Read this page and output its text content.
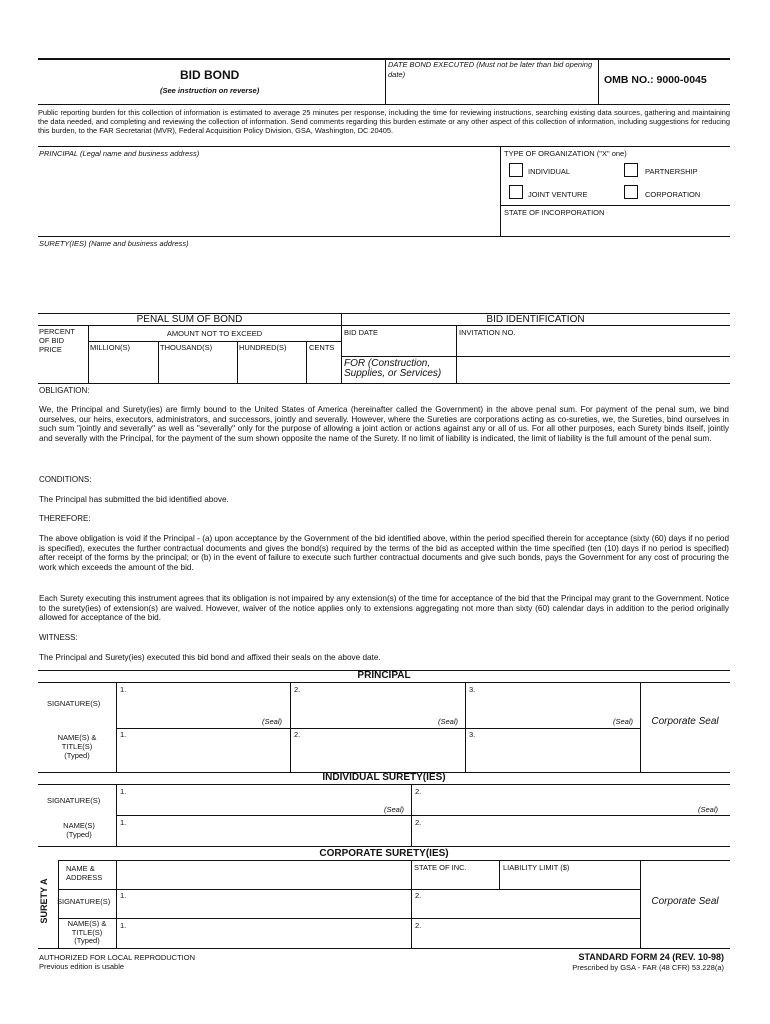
BID BOND
(See instruction on reverse)
DATE BOND EXECUTED (Must not be later than bid opening date)	OMB NO.: 9000-0045
Public reporting burden for this collection of information is estimated to average 25 minutes per response, including the time for reviewing instructions, searching existing data sources, gathering and maintaining the data needed, and completing and reviewing the collection of information. Send comments regarding this burden estimate or any other aspect of this collection of information, including suggestions for reducing this burden, to the FAR Secretariat (MVR), Federal Acquisition Policy Division, GSA, Washington, DC 20405.
PRINCIPAL (Legal name and business address)	TYPE OF ORGANIZATION ("X" one)
INDIVIDUAL	PARTNERSHIP
JOINT VENTURE	CORPORATION
STATE OF INCORPORATION
SURETY(IES) (Name and business address)
PENAL SUM OF BOND	BID IDENTIFICATION
PERCENT OF BID PRICE
AMOUNT NOT TO EXCEED
MILLION(S)	THOUSAND(S)	HUNDRED(S)	CENTS
BID DATE	INVITATION NO.
FOR (Construction, Supplies, or Services)
OBLIGATION:
We, the Principal and Surety(ies) are firmly bound to the United States of America (hereinafter called the Government) in the above penal sum. For payment of the penal sum, we bind ourselves, our heirs, executors, administrators, and successors, jointly and severally. However, where the Sureties are corporations acting as co-sureties, we, the Sureties, bind ourselves in such sum "jointly and severally" as well as "severally" only for the purpose of allowing a joint action or actions against any or all of us. For all other purposes, each Surety binds itself, jointly and severally with the Principal, for the payment of the sum shown opposite the name of the Surety. If no limit of liability is indicated, the limit of liability is the full amount of the penal sum.
CONDITIONS:
The Principal has submitted the bid identified above.
THEREFORE:
The above obligation is void if the Principal - (a) upon acceptance by the Government of the bid identified above, within the period specified therein for acceptance (sixty (60) days if no period is specified), executes the further contractual documents and gives the bond(s) required by the terms of the bid as accepted within the time specified (ten (10) days if no period is specified) after receipt of the forms by the principal; or (b) in the event of failure to execute such further contractual documents and give such bonds, pays the Government for any cost of procuring the work which exceeds the amount of the bid.
Each Surety executing this instrument agrees that its obligation is not impaired by any extension(s) of the time for acceptance of the bid that the Principal may grant to the Government. Notice to the surety(ies) of extension(s) are waived. However, waiver of the notice applies only to extensions aggregating not more than sixty (60) calendar days in addition to the period originally allowed for acceptance of the bid.
WITNESS:
The Principal and Surety(ies) executed this bid bond and affixed their seals on the above date.
PRINCIPAL
SIGNATURE(S)
1.	2.	3.
(Seal)	(Seal)	(Seal)	Corporate Seal
NAME(S) & TITLE(S) (Typed)
1.	2.	3.
INDIVIDUAL SURETY(IES)
SIGNATURE(S)
1.	2.
(Seal)	(Seal)
NAME(S) (Typed)
1.	2.
CORPORATE SURETY(IES)
SURETY A
NAME & ADDRESS
STATE OF INC.	LIABILITY LIMIT ($)
SIGNATURE(S)
1.	2.
Corporate Seal
NAME(S) & TITLE(S) (Typed)
1.	2.
AUTHORIZED FOR LOCAL REPRODUCTION
Previous edition is usable
STANDARD FORM 24 (REV. 10-98)
Prescribed by GSA - FAR (48 CFR) 53.228(a)
